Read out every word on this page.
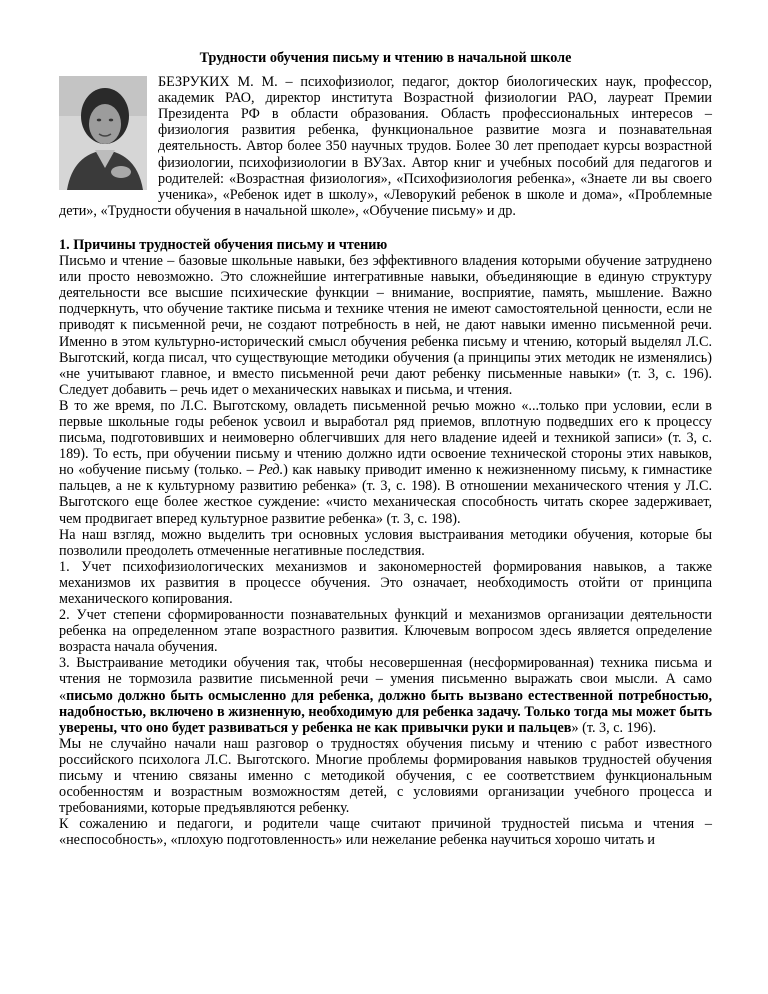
Трудности обучения письму и чтению в начальной школе

БЕЗРУКИХ М. М. – психофизиолог, педагог, доктор биологических наук, профессор, академик РАО, директор института Возрастной физиологии РАО, лауреат Премии Президента РФ в области образования. Область профессиональных интересов – физиология развития ребенка, функциональное развитие мозга и познавательная деятельность. Автор более 350 научных трудов. Более 30 лет преподает курсы возрастной физиологии, психофизиологии в ВУЗах. Автор книг и учебных пособий для педагогов и родителей: «Возрастная физиология», «Психофизиология ребенка», «Знаете ли вы своего ученика», «Ребенок идет в школу», «Леворукий ребенок в школе и дома», «Проблемные дети», «Трудности обучения в начальной школе», «Обучение письму» и др.

1. Причины трудностей обучения письму и чтению

Письмо и чтение – базовые школьные навыки, без эффективного владения которыми обучение затруднено или просто невозможно. Это сложнейшие интегративные навыки, объединяющие в единую структуру деятельности все высшие психические функции – внимание, восприятие, память, мышление. Важно подчеркнуть, что обучение тактике письма и технике чтения не имеют самостоятельной ценности, если не приводят к письменной речи, не создают потребность в ней, не дают навыки именно письменной речи. Именно в этом культурно-исторический смысл обучения ребенка письму и чтению, который выделял Л.С. Выготский, когда писал, что существующие методики обучения (а принципы этих методик не изменялись) «не учитывают главное, и вместо письменной речи дают ребенку письменные навыки» (т. 3, с. 196). Следует добавить – речь идет о механических навыках и письма, и чтения.

В то же время, по Л.С. Выготскому, овладеть письменной речью можно «...только при условии, если в первые школьные годы ребенок усвоил и выработал ряд приемов, вплотную подведших его к процессу письма, подготовивших и неимоверно облегчивших для него владение идеей и техникой записи» (т. 3, с. 189). То есть, при обучении письму и чтению должно идти освоение технической стороны этих навыков, но «обучение письму (только. – Ред.) как навыку приводит именно к нежизненному письму, к гимнастике пальцев, а не к культурному развитию ребенка» (т. 3, с. 198). В отношении механического чтения у Л.С. Выготского еще более жесткое суждение: «чисто механическая способность читать скорее задерживает, чем продвигает вперед культурное развитие ребенка» (т. 3, с. 198).

На наш взгляд, можно выделить три основных условия выстраивания методики обучения, которые бы позволили преодолеть отмеченные негативные последствия.

1. Учет психофизиологических механизмов и закономерностей формирования навыков, а также механизмов их развития в процессе обучения. Это означает, необходимость отойти от принципа механического копирования.

2. Учет степени сформированности познавательных функций и механизмов организации деятельности ребенка на определенном этапе возрастного развития. Ключевым вопросом здесь является определение возраста начала обучения.

3. Выстраивание методики обучения так, чтобы несовершенная (несформированная) техника письма и чтения не тормозила развитие письменной речи – умения письменно выражать свои мысли. А само «письмо должно быть осмысленно для ребенка, должно быть вызвано естественной потребностью, надобностью, включено в жизненную, необходимую для ребенка задачу. Только тогда мы может быть уверены, что оно будет развиваться у ребенка не как привычки руки и пальцев» (т. 3, с. 196).

Мы не случайно начали наш разговор о трудностях обучения письму и чтению с работ известного российского психолога Л.С. Выготского. Многие проблемы формирования навыков трудностей обучения письму и чтению связаны именно с методикой обучения, с ее соответствием функциональным особенностям и возрастным возможностям детей, с условиями организации учебного процесса и требованиями, которые предъявляются ребенку.

К сожалению и педагоги, и родители чаще считают причиной трудностей письма и чтения – «неспособность», «плохую подготовленность» или нежелание ребенка научиться хорошо читать и
